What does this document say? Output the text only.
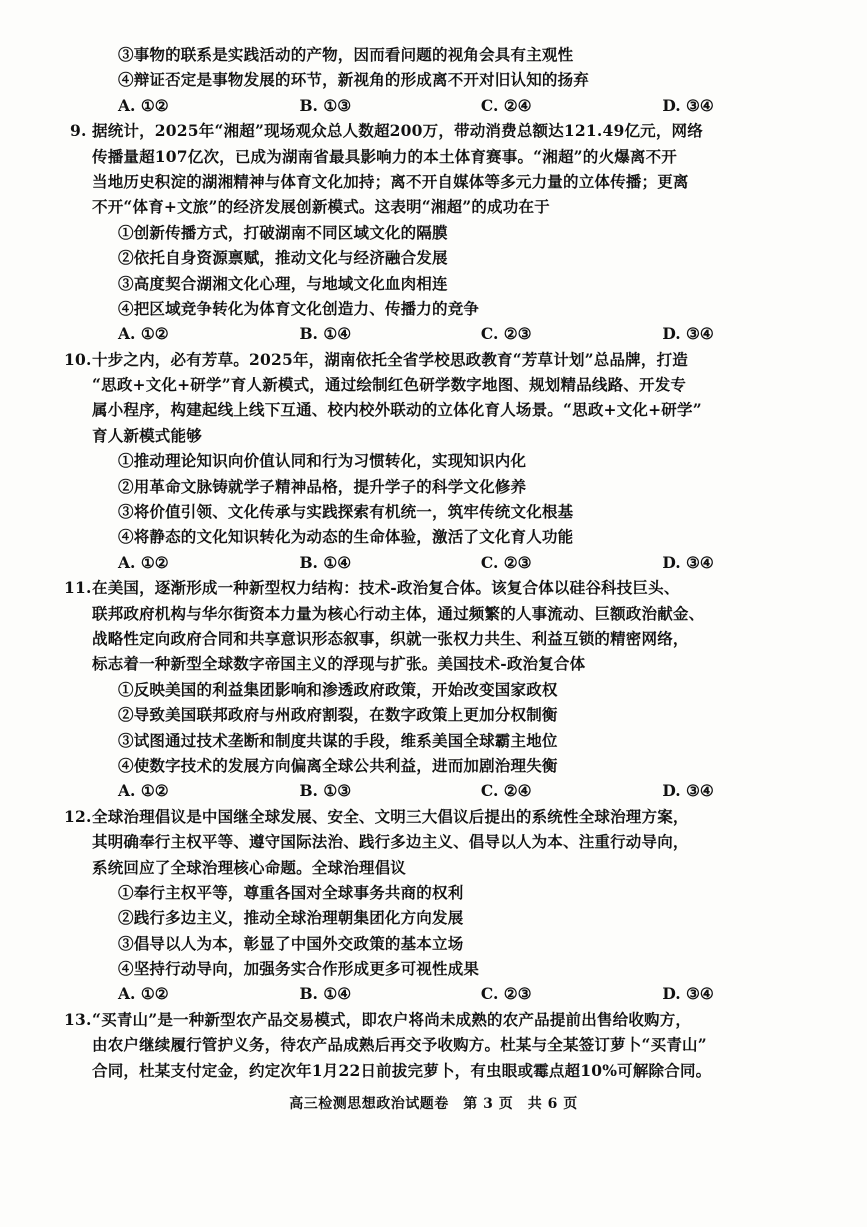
③事物的联系是实践活动的产物，因而看问题的视角会具有主观性
④辩证否定是事物发展的环节，新视角的形成离不开对旧认知的扬弃
A. ①②	B. ①③	C. ②④	D. ③④
9. 据统计，2025年“湘超”现场观众总人数超200万，带动消费总额达121.49亿元，网络
传播量超107亿次，已成为湖南省最具影响力的本土体育赛事。“湘超”的火爆离不开
当地历史积淀的湖湘精神与体育文化加持；离不开自媒体等多元力量的立体传播；更离
不开“体育+文旅”的经济发展创新模式。这表明“湘超”的成功在于
①创新传播方式，打破湖南不同区域文化的隔膜
②依托自身资源禀赋，推动文化与经济融合发展
③高度契合湖湘文化心理，与地域文化血肉相连
④把区域竞争转化为体育文化创造力、传播力的竞争
A. ①②	B. ①④	C. ②③	D. ③④
10. 十步之内，必有芳草。2025年，湖南依托全省学校思政教育“芳草计划”总品牌，打造
“思政+文化+研学”育人新模式，通过绘制红色研学数字地图、规划精品线路、开发专
属小程序，构建起线上线下互通、校内校外联动的立体化育人场景。“思政+文化+研学”
育人新模式能够
①推动理论知识向价值认同和行为习惯转化，实现知识内化
②用革命文脉铸就学子精神品格，提升学子的科学文化修养
③将价值引领、文化传承与实践探索有机统一，筑牢传统文化根基
④将静态的文化知识转化为动态的生命体验，激活了文化育人功能
A. ①②	B. ①④	C. ②③	D. ③④
11. 在美国，逐渐形成一种新型权力结构：技术-政治复合体。该复合体以硅谷科技巨头、
联邦政府机构与华尔街资本力量为核心行动主体，通过频繁的人事流动、巨额政治献金、
战略性定向政府合同和共享意识形态叙事，织就一张权力共生、利益互锁的精密网络，
标志着一种新型全球数字帝国主义的浮现与扩张。美国技术-政治复合体
①反映美国的利益集团影响和渗透政府政策，开始改变国家政权
②导致美国联邦政府与州政府割裂，在数字政策上更加分权制衡
③试图通过技术垄断和制度共谋的手段，维系美国全球霸主地位
④使数字技术的发展方向偏离全球公共利益，进而加剧治理失衡
A. ①②	B. ①③	C. ②④	D. ③④
12. 全球治理倡议是中国继全球发展、安全、文明三大倡议后提出的系统性全球治理方案，
其明确奉行主权平等、遵守国际法治、践行多边主义、倡导以人为本、注重行动导向，
系统回应了全球治理核心命题。全球治理倡议
①奉行主权平等，尊重各国对全球事务共商的权利
②践行多边主义，推动全球治理朝集团化方向发展
③倡导以人为本，彰显了中国外交政策的基本立场
④坚持行动导向，加强务实合作形成更多可视性成果
A. ①②	B. ①④	C. ②③	D. ③④
13. “买青山”是一种新型农产品交易模式，即农户将尚未成熟的农产品提前出售给收购方，
由农户继续履行管护义务，待农产品成熟后再交予收购方。杜某与全某签订萝卜“买青山”
合同，杜某支付定金，约定次年1月22日前拔完萝卜，有虫眼或霉点超10%可解除合同。
高三检测思想政治试题卷　第 3 页　共 6 页
